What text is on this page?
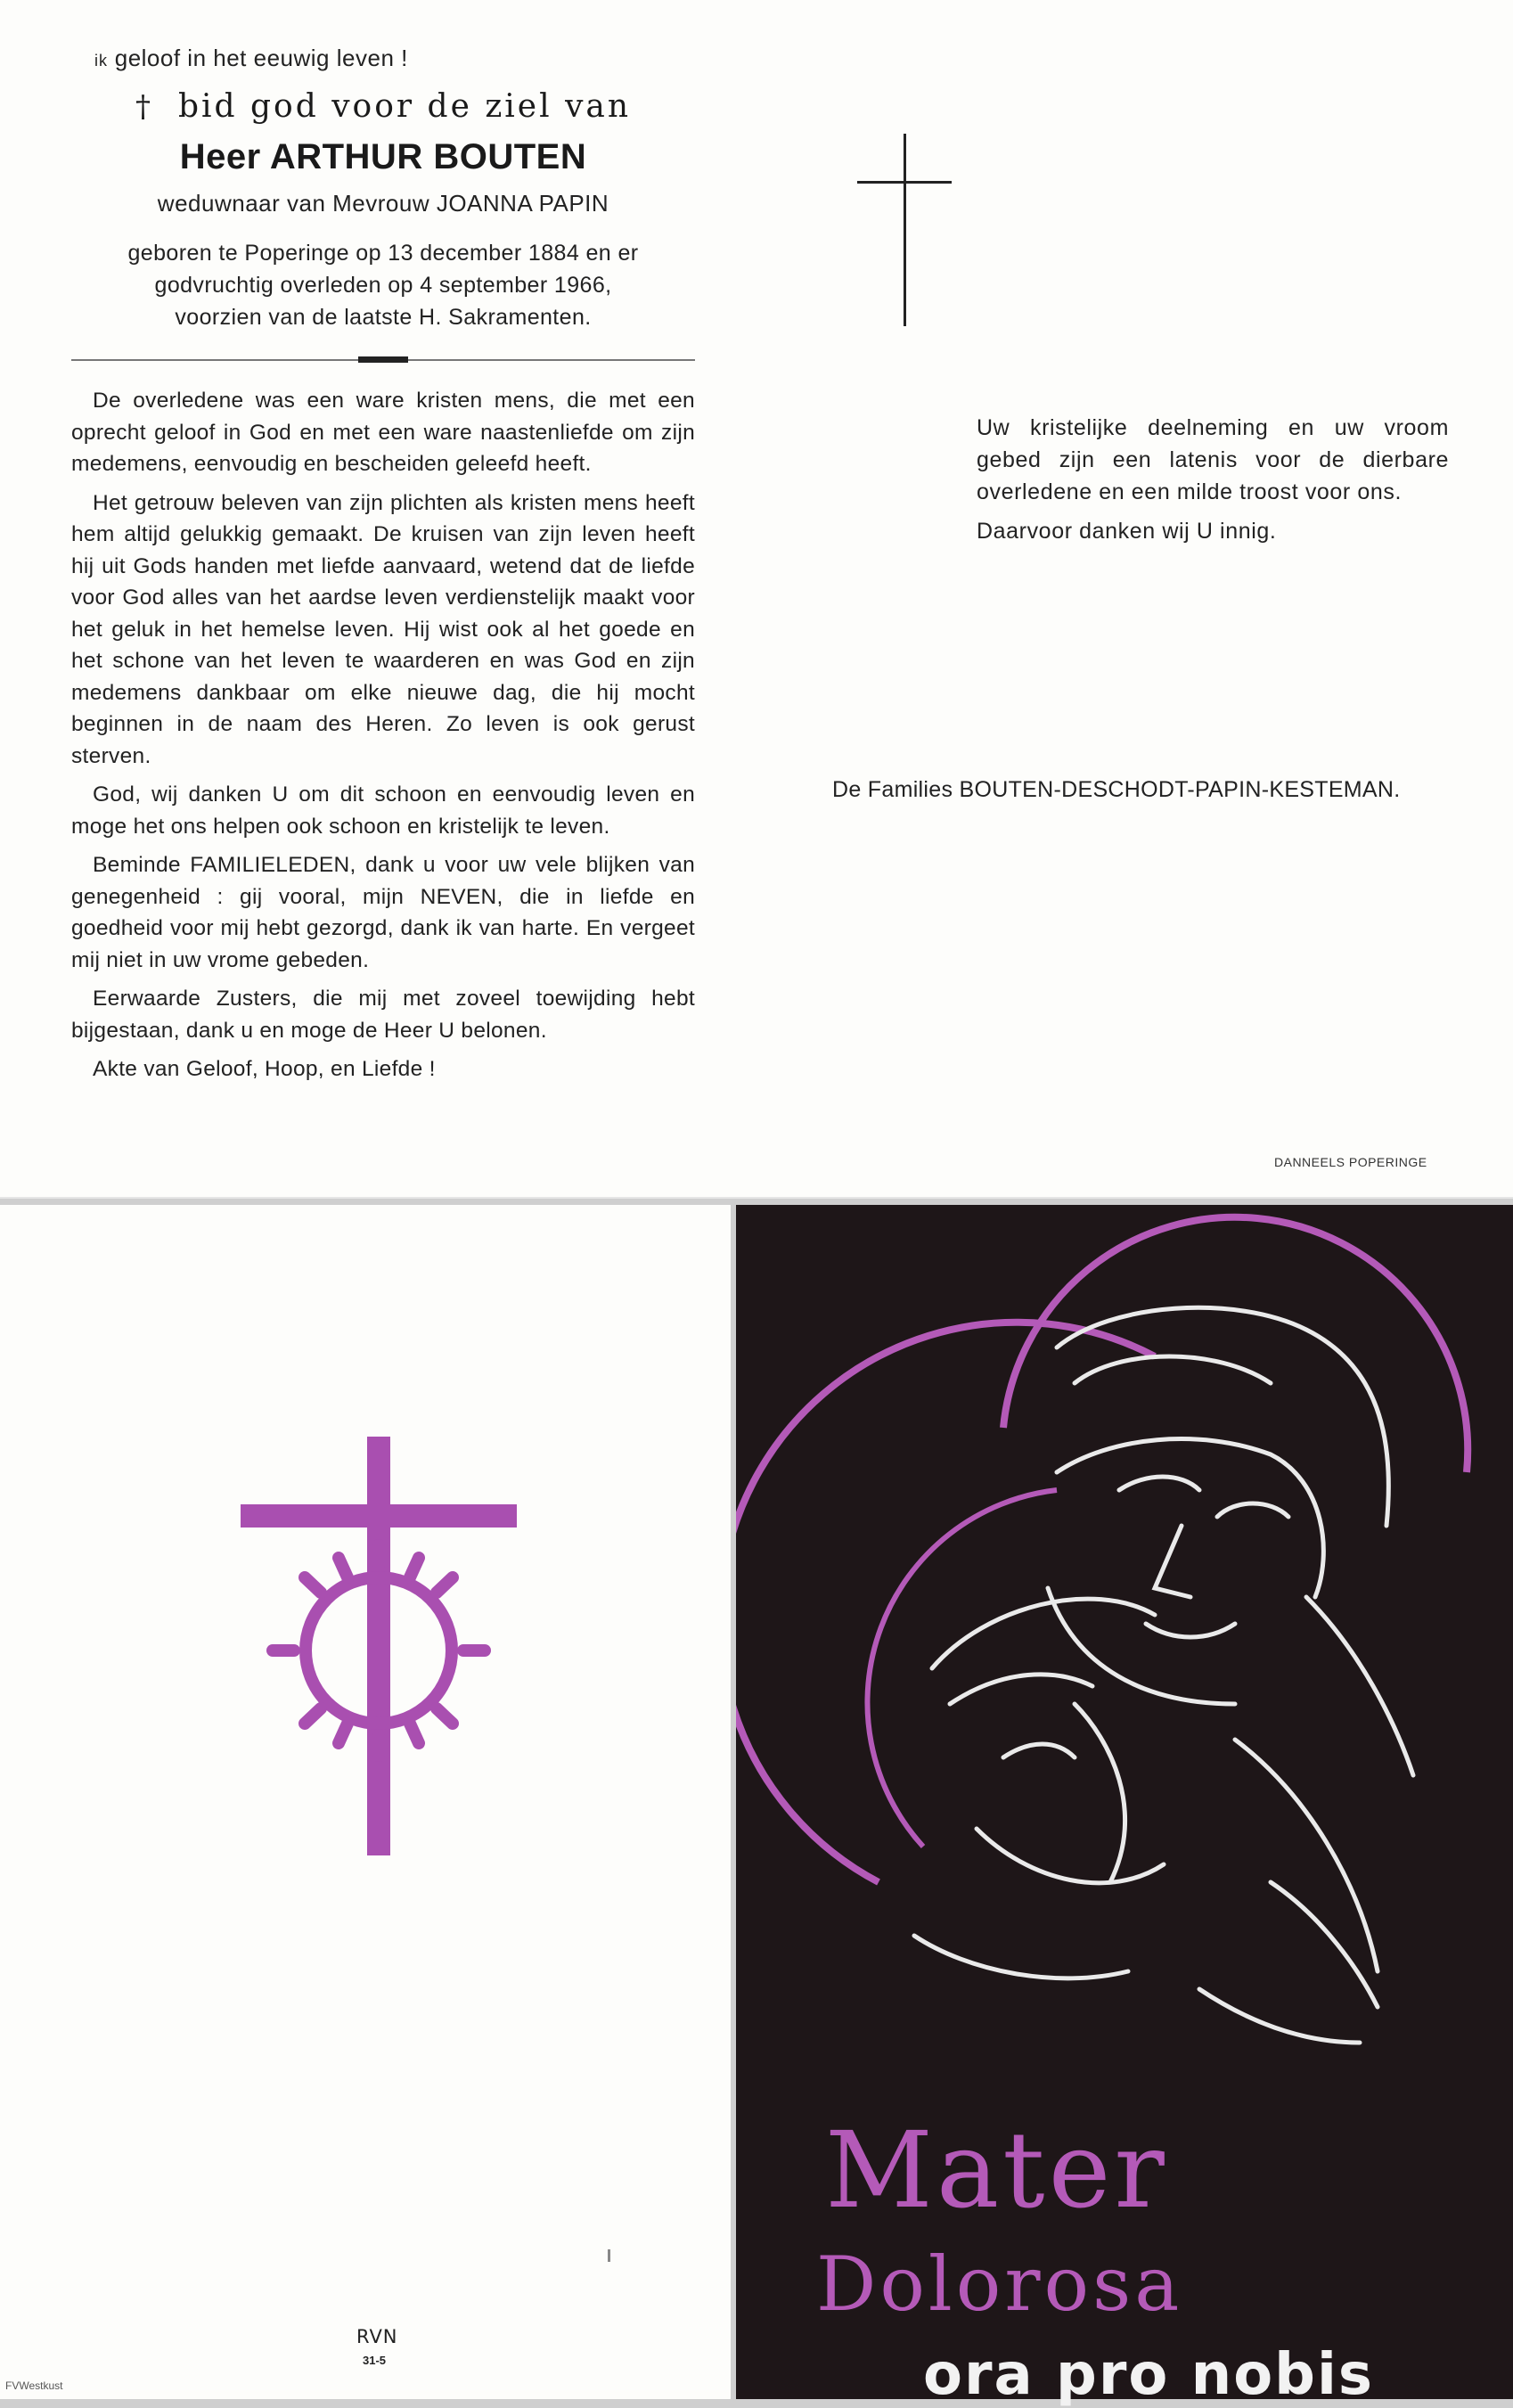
ik geloof in het eeuwig leven !
† bid god voor de ziel van
Heer ARTHUR BOUTEN
weduwnaar van Mevrouw JOANNA PAPIN
geboren te Poperinge op 13 december 1884 en er
godvruchtig overleden op 4 september 1966,
voorzien van de laatste H. Sakramenten.

De overledene was een ware kristen mens, die met een oprecht geloof in God en met een ware naastenliefde om zijn medemens, eenvoudig en bescheiden geleefd heeft.

Het getrouw beleven van zijn plichten als kristen mens heeft hem altijd gelukkig gemaakt. De kruisen van zijn leven heeft hij uit Gods handen met liefde aanvaard, wetend dat de liefde voor God alles van het aardse leven verdienstelijk maakt voor het geluk in het hemelse leven. Hij wist ook al het goede en het schone van het leven te waarderen en was God en zijn medemens dankbaar om elke nieuwe dag, die hij mocht beginnen in de naam des Heren. Zo leven is ook gerust sterven.

God, wij danken U om dit schoon en eenvoudig leven en moge het ons helpen ook schoon en kristelijk te leven.

Beminde FAMILIELEDEN, dank u voor uw vele blijken van genegenheid : gij vooral, mijn NEVEN, die in liefde en goedheid voor mij hebt gezorgd, dank ik van harte. En vergeet mij niet in uw vrome gebeden.

Eerwaarde Zusters, die mij met zoveel toewijding hebt bijgestaan, dank u en moge de Heer U belonen.

Akte van Geloof, Hoop, en Liefde !

Uw kristelijke deelneming en uw vroom gebed zijn een latenis voor de dierbare overledene en een milde troost voor ons.

Daarvoor danken wij U innig.

De Families BOUTEN-DESCHODT-PAPIN-KESTEMAN.
DANNEELS POPERINGE
RVN
31-5
FVWestkust
Mater
Dolorosa
ora pro nobis
